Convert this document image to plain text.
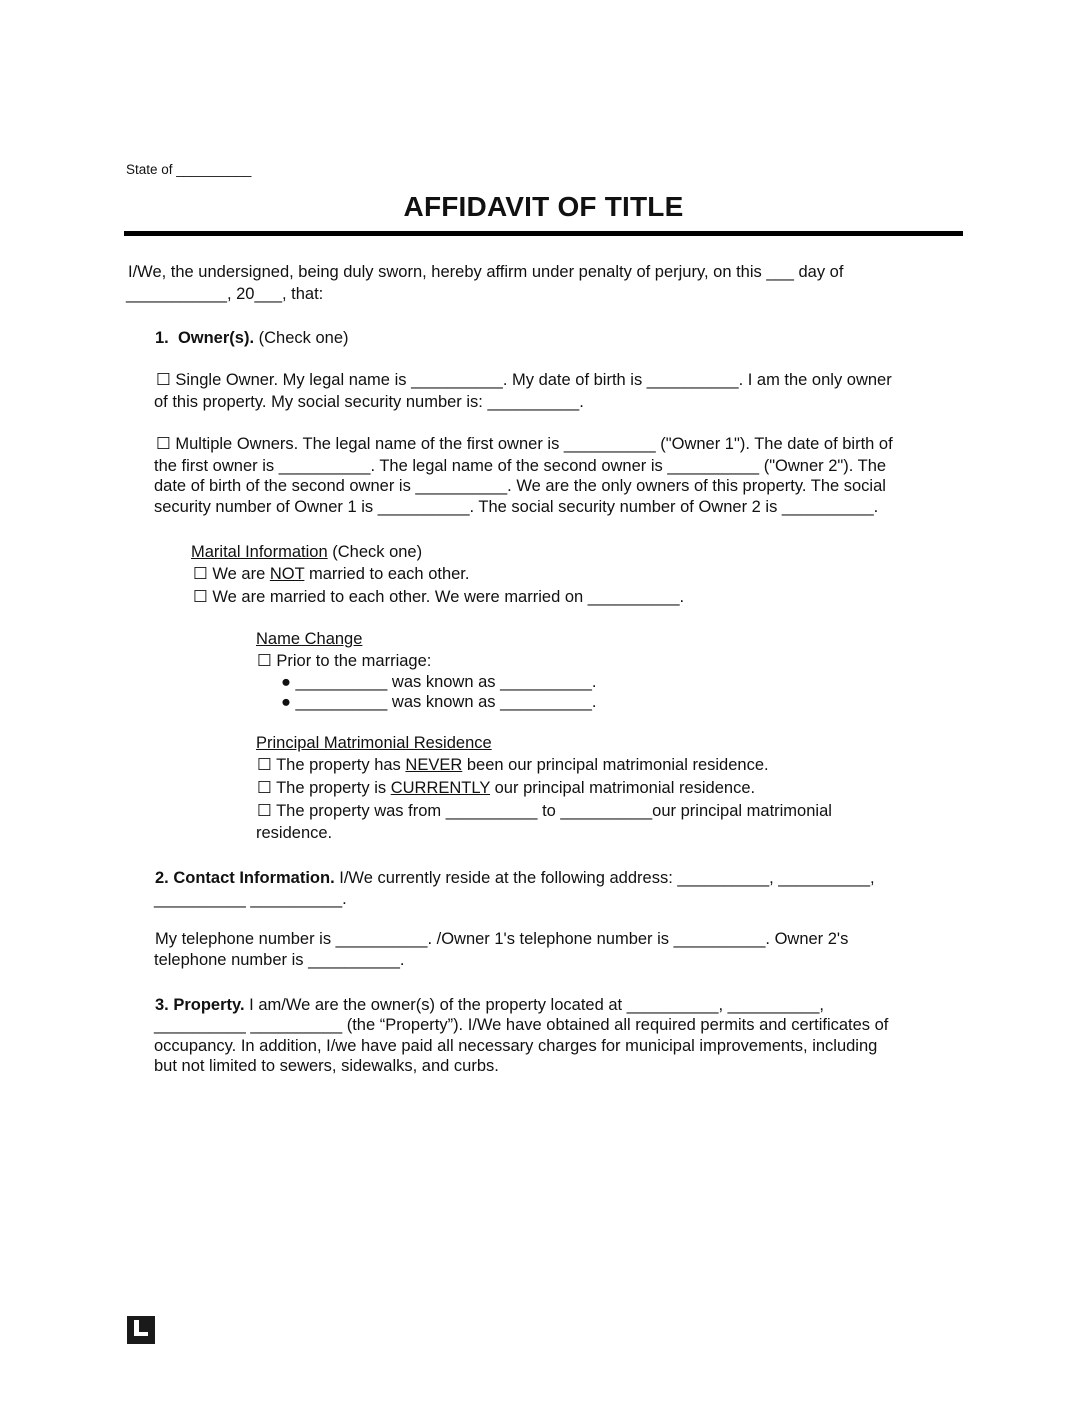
State of __________
AFFIDAVIT OF TITLE
I/We, the undersigned, being duly sworn, hereby affirm under penalty of perjury, on this ___ day of
___________, 20___, that:
1. Owner(s). (Check one)
☐ Single Owner. My legal name is __________. My date of birth is __________. I am the only owner
of this property. My social security number is: __________.
☐ Multiple Owners. The legal name of the first owner is __________ ("Owner 1"). The date of birth of
the first owner is __________. The legal name of the second owner is __________ ("Owner 2"). The
date of birth of the second owner is __________. We are the only owners of this property. The social
security number of Owner 1 is __________. The social security number of Owner 2 is __________.
Marital Information (Check one)
☐ We are NOT married to each other.
☐ We are married to each other. We were married on __________.
Name Change
☐ Prior to the marriage:
● __________ was known as __________.
● __________ was known as __________.
Principal Matrimonial Residence
☐ The property has NEVER been our principal matrimonial residence.
☐ The property is CURRENTLY our principal matrimonial residence.
☐ The property was from __________ to __________our principal matrimonial
residence.
2. Contact Information. I/We currently reside at the following address: __________, __________,
__________ __________.
My telephone number is __________. /Owner 1's telephone number is __________. Owner 2's
telephone number is __________.
3. Property. I am/We are the owner(s) of the property located at __________, __________,
__________ __________ (the “Property”). I/We have obtained all required permits and certificates of
occupancy. In addition, I/we have paid all necessary charges for municipal improvements, including
but not limited to sewers, sidewalks, and curbs.
